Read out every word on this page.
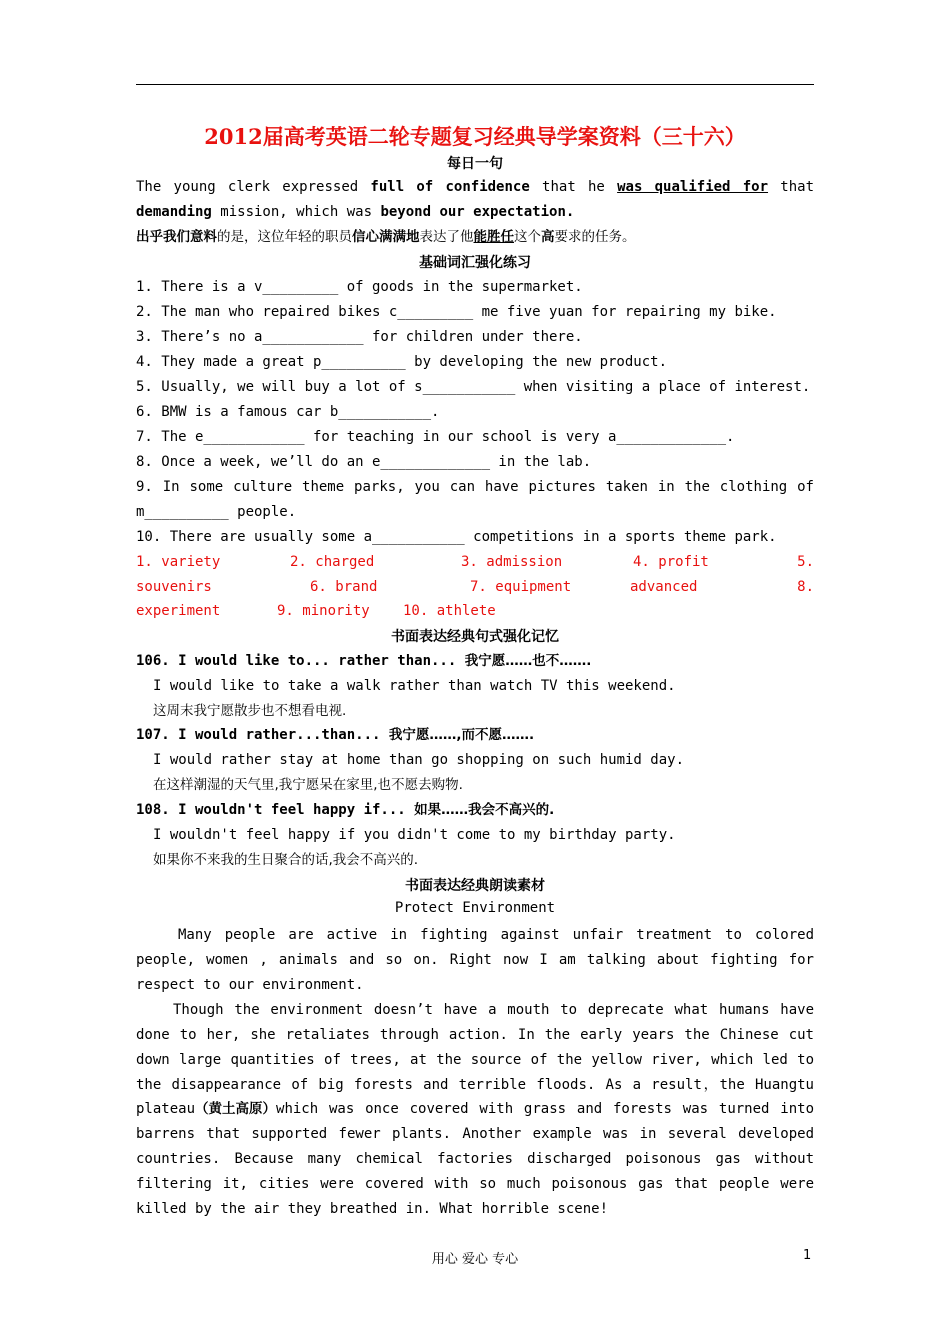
2012届高考英语二轮专题复习经典导学案资料（三十六）
每日一句
The young clerk expressed full of confidence that he was qualified for that
demanding mission, which was beyond our expectation.
出乎我们意料的是，这位年轻的职员信心满满地表达了他能胜任这个高要求的任务。
基础词汇强化练习
1. There is a v_________ of goods in the supermarket.
2. The man who repaired bikes c_________ me five yuan for repairing my bike.
3. There’s no a____________ for children under there.
4. They made a great p__________ by developing the new product.
5. Usually, we will buy a lot of s___________ when visiting a place of interest.
6. BMW is a famous car b___________.
7. The e____________ for teaching in our school is very a_____________.
8. Once a week, we’ll do an e_____________ in the lab.
9. In some culture theme parks, you can have pictures taken in the clothing of
m__________ people.
10. There are usually some a___________ competitions in a sports theme park.
1. variety	2. charged	3. admission	4. profit	5.
souvenirs	6. brand	7. equipment	advanced	8.
experiment	9. minority 10. athlete
书面表达经典句式强化记忆
106. I would like to... rather than... 我宁愿……也不…….
I would like to take a walk rather than watch TV this weekend.
这周末我宁愿散步也不想看电视.
107. I would rather...than... 我宁愿……,而不愿…….
I would rather stay at home than go shopping on such humid day.
在这样潮湿的天气里,我宁愿呆在家里,也不愿去购物.
108. I wouldn't feel happy if... 如果……我会不高兴的.
I wouldn't feel happy if you didn't come to my birthday party.
如果你不来我的生日聚合的话,我会不高兴的.
书面表达经典朗读素材
Protect Environment
Many people are active in fighting against unfair treatment to colored
people, women , animals and so on. Right now I am talking about fighting for
respect to our environment.
Though the environment doesn’t have a mouth to deprecate what humans have
done to her, she retaliates through action. In the early years the Chinese cut
down large quantities of trees, at the source of the yellow river, which led to
the disappearance of big forests and terrible floods. As a result，the Huangtu
plateau（黄土高原） which was once covered with grass and forests was turned into
barrens that supported fewer plants. Another example was in several developed
countries. Because many chemical factories discharged poisonous gas without
filtering it, cities were covered with so much poisonous gas that people were
killed by the air they breathed in. What horrible scene!
用心 爱心 专心	1
